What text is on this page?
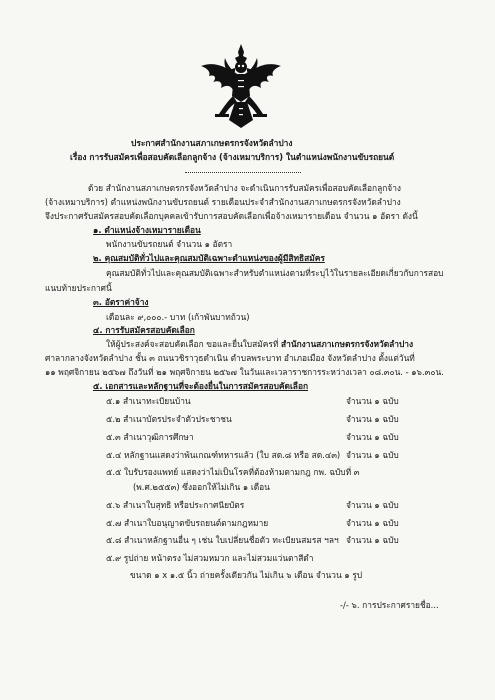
ประกาศสำนักงานสภาเกษตรกรจังหวัดลำปาง
เรื่อง การรับสมัครเพื่อสอบคัดเลือกลูกจ้าง (จ้างเหมาบริการ) ในตำแหน่งพนักงานขับรถยนต์
ด้วย สำนักงานสภาเกษตรกรจังหวัดลำปาง จะดำเนินการรับสมัครเพื่อสอบคัดเลือกลูกจ้าง
(จ้างเหมาบริการ) ตำแหน่งพนักงานขับรถยนต์ รายเดือนประจำสำนักงานสภาเกษตรกรจังหวัดลำปาง
จึงประกาศรับสมัครสอบคัดเลือกบุคคลเข้ารับการสอบคัดเลือกเพื่อจ้างเหมารายเดือน จำนวน ๑ อัตรา ดังนี้
๑. ตำแหน่งจ้างเหมารายเดือน
พนักงานขับรถยนต์ จำนวน ๑ อัตรา
๒. คุณสมบัติทั่วไปและคุณสมบัติเฉพาะตำแหน่งของผู้มีสิทธิสมัคร
คุณสมบัติทั่วไปและคุณสมบัติเฉพาะสำหรับตำแหน่งตามที่ระบุไว้ในรายละเอียดเกี่ยวกับการสอบ
แนบท้ายประกาศนี้
๓. อัตราค่าจ้าง
เดือนละ ๙,๐๐๐.- บาท (เก้าพันบาทถ้วน)
๔. การรับสมัครสอบคัดเลือก
ให้ผู้ประสงค์จะสอบคัดเลือก ขอและยื่นใบสมัครที่ สำนักงานสภาเกษตรกรจังหวัดลำปาง
ศาลากลางจังหวัดลำปาง ชั้น ๓ ถนนวชิราวุธดำเนิน ตำบลพระบาท อำเภอเมือง จังหวัดลำปาง ตั้งแต่วันที่
๑๑ พฤศจิกายน ๒๕๖๗ ถึงวันที่ ๒๑ พฤศจิกายน ๒๕๖๗ ในวันและเวลาราชการระหว่างเวลา ๐๘.๓๐น. - ๑๖.๓๐น.
๕. เอกสารและหลักฐานที่จะต้องยื่นในการสมัครสอบคัดเลือก
๕.๑ สำเนาทะเบียนบ้าน	จำนวน ๑ ฉบับ
๕.๒ สำเนาบัตรประจำตัวประชาชน	จำนวน ๑ ฉบับ
๕.๓ สำเนาวุฒิการศึกษา	จำนวน ๑ ฉบับ
๕.๔ หลักฐานแสดงว่าพ้นเกณฑ์ทหารแล้ว (ใบ สด.๘ หรือ สด.๔๓) จำนวน ๑ ฉบับ
๕.๕ ใบรับรองแพทย์ แสดงว่าไม่เป็นโรคที่ต้องห้ามตามกฎ กพ. ฉบับที่ ๓
(พ.ศ.๒๕๕๓) ซึ่งออกให้ไม่เกิน ๑ เดือน
๕.๖ สำเนาใบสุทธิ หรือประกาศนียบัตร	จำนวน ๑ ฉบับ
๕.๗ สำเนาใบอนุญาตขับรถยนต์ตามกฎหมาย	จำนวน ๑ ฉบับ
๕.๘ สำเนาหลักฐานอื่น ๆ เช่น ใบเปลี่ยนชื่อตัว ทะเบียนสมรส ฯลฯ จำนวน ๑ ฉบับ
๕.๙ รูปถ่าย หน้าตรง ไม่สวมหมวก และไม่สวมแว่นตาสีดำ
ขนาด ๑ x ๑.๕ นิ้ว ถ่ายครั้งเดียวกัน ไม่เกิน ๖ เดือน จำนวน ๑ รูป
-/- ๖. การประกาศรายชื่อ...
